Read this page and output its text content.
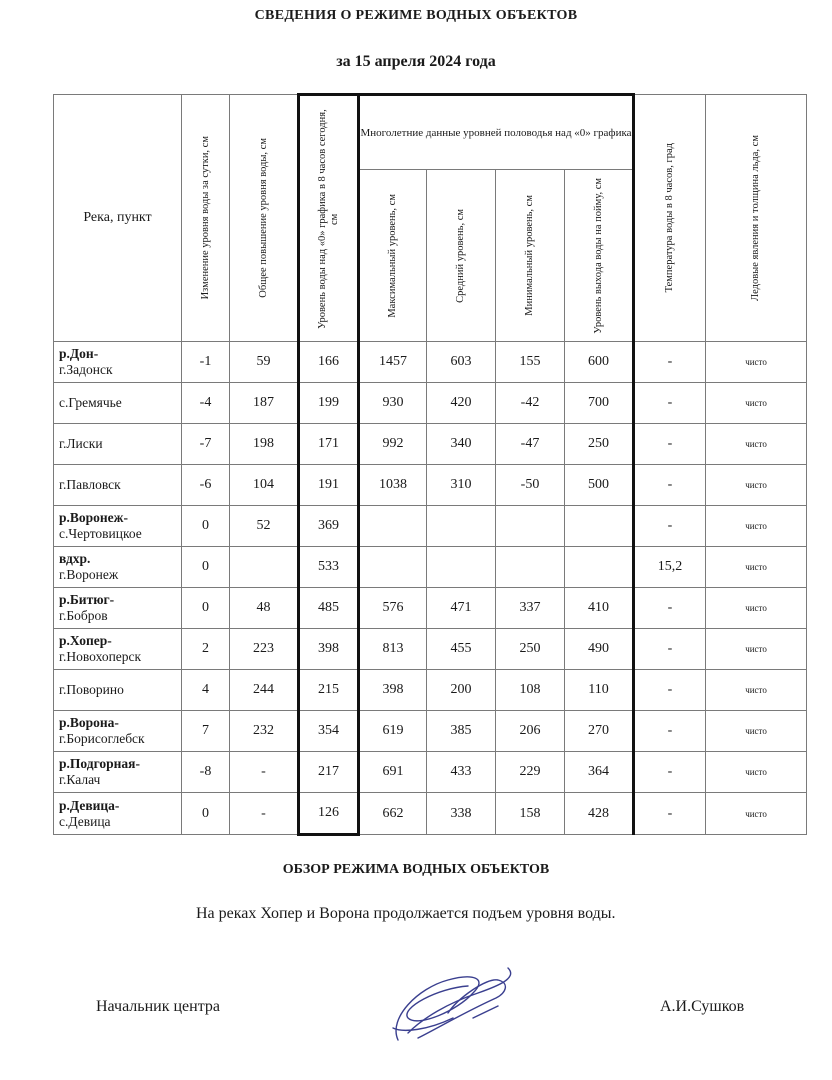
СВЕДЕНИЯ О РЕЖИМЕ ВОДНЫХ ОБЪЕКТОВ
за 15 апреля 2024 года
Река, пункт	Изменение уровня воды за сутки, см	Общее повышение уровня воды, см	Уровень воды над «0» графика в 8 часов сегодня, см	Многолетние данные уровней половодья над «0» графика				Температура воды в 8 часов, град	Ледовые явления и толщина льда, см

				Максимальный уровень, см	Средний уровень, см	Минимальный уровень, см	Уровень выхода воды на пойму, см		

р.Дон-
г.Задонск	-1	59	166	1457	603	155	600	-	чисто

с.Гремячье	-4	187	199	930	420	-42	700	-	чисто

г.Лиски	-7	198	171	992	340	-47	250	-	чисто

г.Павловск	-6	104	191	1038	310	-50	500	-	чисто

р.Воронеж-
с.Чертовицкое	0	52	369					-	чисто

вдхр.
г.Воронеж	0		533					15,2	чисто

р.Битюг-
г.Бобров	0	48	485	576	471	337	410	-	чисто

р.Хопер-
г.Новохоперск	2	223	398	813	455	250	490	-	чисто

г.Поворино	4	244	215	398	200	108	110	-	чисто

р.Ворона-
г.Борисоглебск	7	232	354	619	385	206	270	-	чисто

р.Подгорная-
г.Калач	-8	-	217	691	433	229	364	-	чисто

р.Девица-
с.Девица	0	-	126	662	338	158	428	-	чисто
ОБЗОР РЕЖИМА ВОДНЫХ ОБЪЕКТОВ
На реках Хопер и Ворона продолжается подъем уровня воды.
Начальник центра	А.И.Сушков
